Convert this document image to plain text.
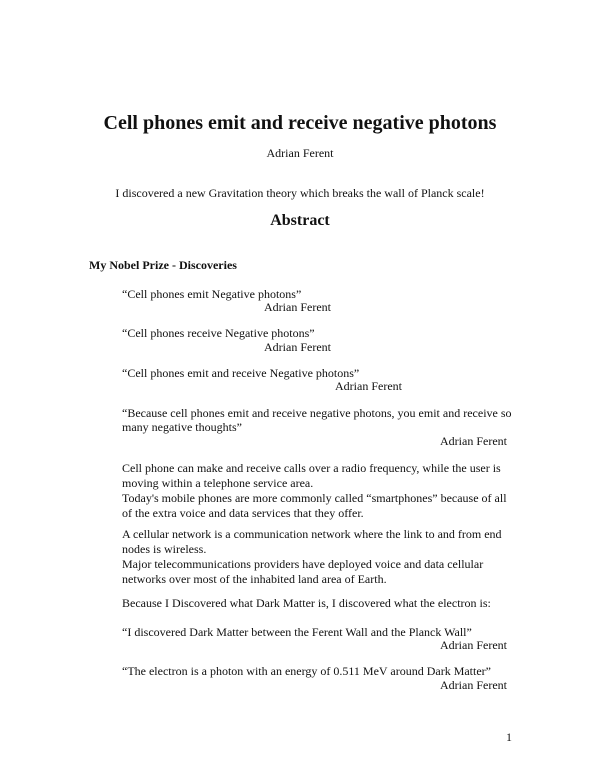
Cell phones emit and receive negative photons
Adrian Ferent
I discovered a new Gravitation theory which breaks the wall of Planck scale!
Abstract
My Nobel Prize - Discoveries
“Cell phones emit Negative photons”
Adrian Ferent
“Cell phones receive Negative photons”
Adrian Ferent
“Cell phones emit and receive Negative photons”
Adrian Ferent
“Because cell phones emit and receive negative photons, you emit and receive so
many negative thoughts”
Adrian Ferent
Cell phone can make and receive calls over a radio frequency, while the user is
moving within a telephone service area.
Today's mobile phones are more commonly called “smartphones” because of all
of the extra voice and data services that they offer.
A cellular network is a communication network where the link to and from end
nodes is wireless.
Major telecommunications providers have deployed voice and data cellular
networks over most of the inhabited land area of Earth.
Because I Discovered what Dark Matter is, I discovered what the electron is:
“I discovered Dark Matter between the Ferent Wall and the Planck Wall”
Adrian Ferent
“The electron is a photon with an energy of 0.511 MeV around Dark Matter”
Adrian Ferent
1
